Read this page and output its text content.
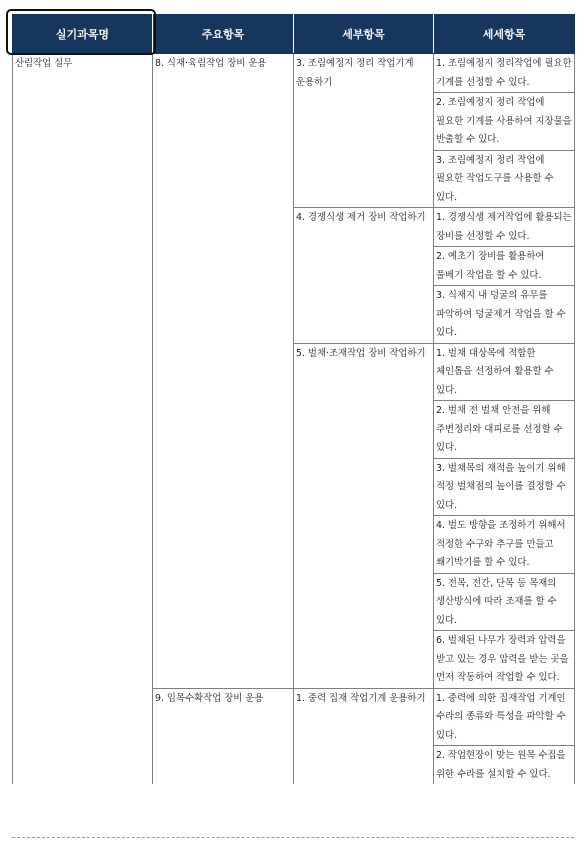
실기과목명	주요항목	세부항목	세세항목
산림작업 실무	8. 식재·육림작업 장비 운용	3. 조림예정지 정리 작업기계 운용하기	1. 조림예정지 정리작업에 필요한 기계를 선정할 수 있다.
			2. 조림예정지 정리 작업에 필요한 기계를 사용하여 지장물을 반출할 수 있다.
			3. 조림예정지 정리 작업에 필요한 작업도구를 사용할 수 있다.
		4. 경쟁식생 제거 장비 작업하기	1. 경쟁식생 제거작업에 활용되는 장비를 선정할 수 있다.
			2. 예초기 장비를 활용하여 풀베기 작업을 할 수 있다.
			3. 식재지 내 덩굴의 유무를 파악하여 덩굴제거 작업을 할 수 있다.
		5. 벌채·조재작업 장비 작업하기	1. 벌채 대상목에 적합한 체인톱을 선정하여 활용할 수 있다.
			2. 벌채 전 벌채 안전을 위해 주변정리와 대피로를 선정할 수 있다.
			3. 벌채목의 재적을 높이기 위해 적정 벌채점의 높이를 결정할 수 있다.
			4. 벌도 방향을 조정하기 위해서 적정한 수구와 추구를 만들고 쐐기박기를 할 수 있다.
			5. 전목, 전간, 단목 등 목재의 생산방식에 따라 조재를 할 수 있다.
			6. 벌채된 나무가 장력과 압력을 받고 있는 경우 압력을 받는 곳을 먼저 작동하여 작업할 수 있다.
	9. 임목수확작업 장비 운용	1. 중력 집재 작업기계 운용하기	1. 중력에 의한 집재작업 기계인 수라의 종류와 특성을 파악할 수 있다.
			2. 작업현장이 맞는 원목 수집을 위한 수라를 설치할 수 있다.
